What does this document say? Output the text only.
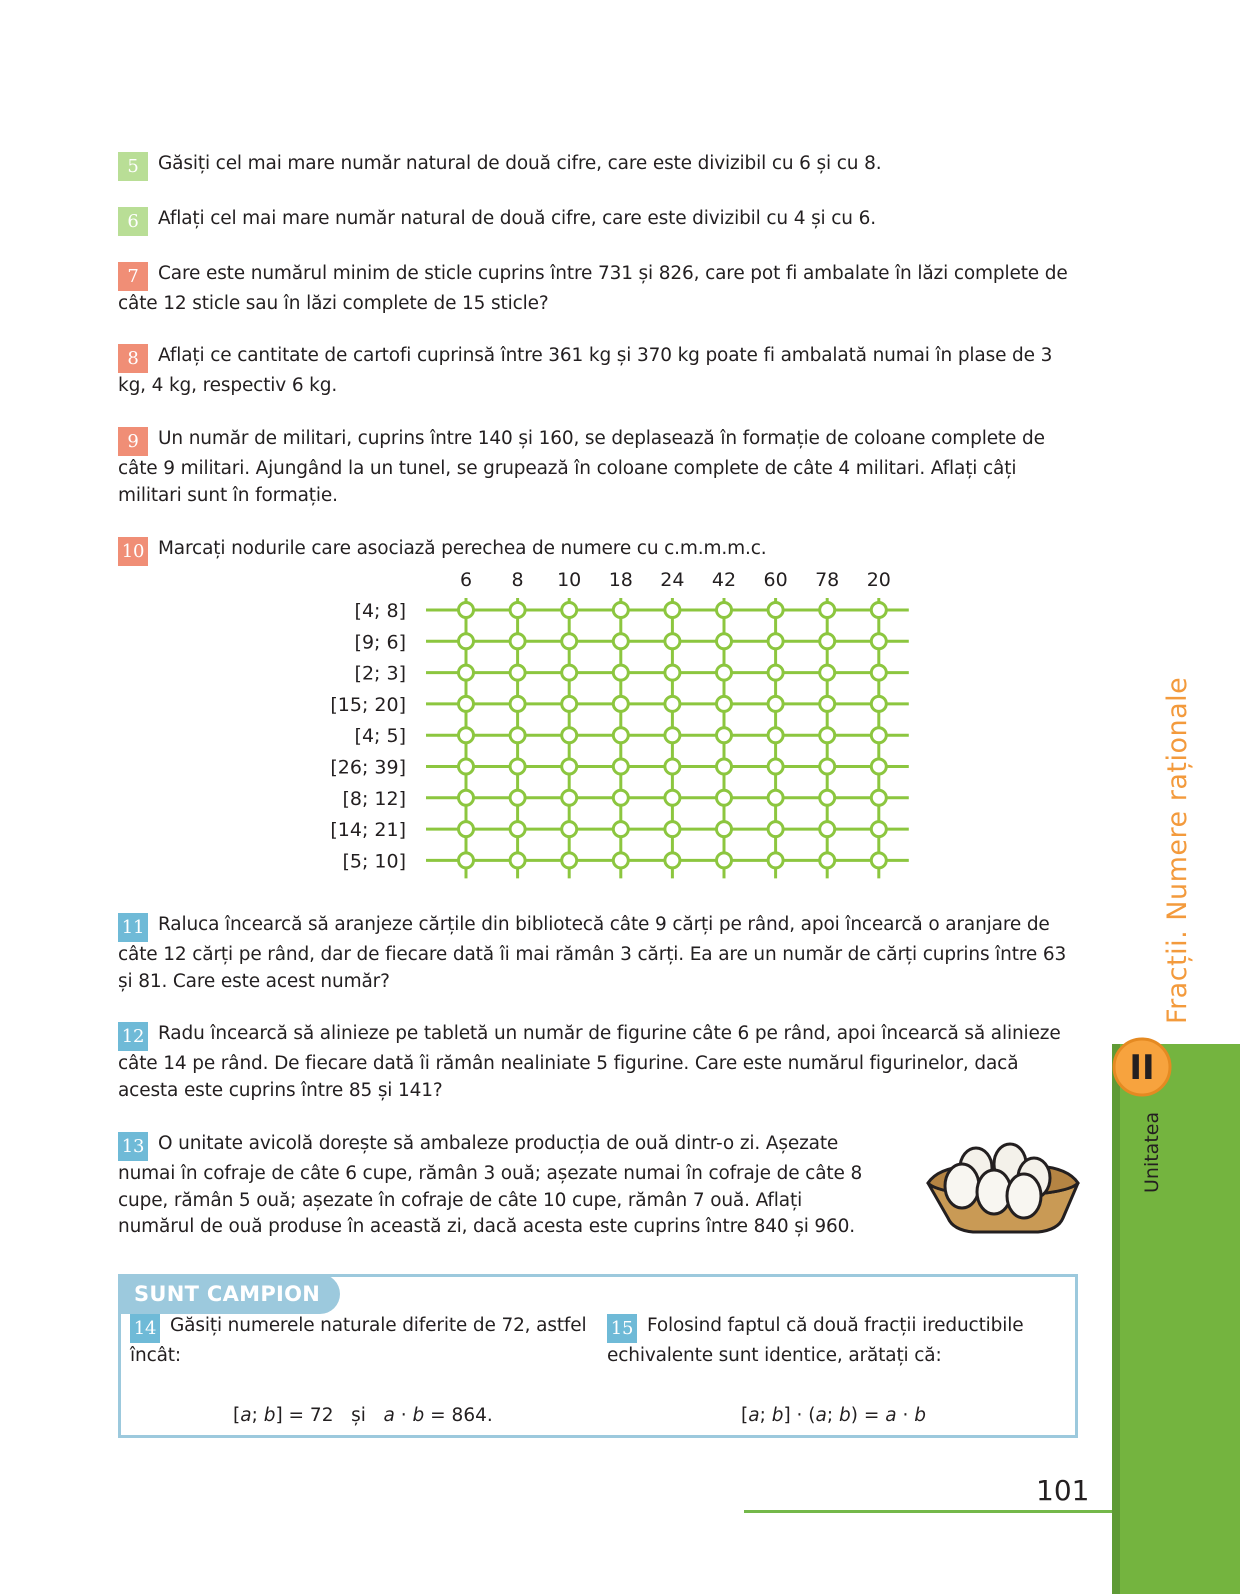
5 Găsiți cel mai mare număr natural de două cifre, care este divizibil cu 6 și cu 8.
6 Aflați cel mai mare număr natural de două cifre, care este divizibil cu 4 și cu 6.
7 Care este numărul minim de sticle cuprins între 731 și 826, care pot fi ambalate în lăzi complete de câte 12 sticle sau în lăzi complete de 15 sticle?
8 Aflați ce cantitate de cartofi cuprinsă între 361 kg și 370 kg poate fi ambalată numai în plase de 3 kg, 4 kg, respectiv 6 kg.
9 Un număr de militari, cuprins între 140 și 160, se deplasează în formație de coloane complete de câte 9 militari. Ajungând la un tunel, se grupează în coloane complete de câte 4 militari. Aflați câți militari sunt în formație.
10 Marcați nodurile care asociază perechea de numere cu c.m.m.m.c.
[4; 8]
[9; 6]
[2; 3]
[15; 20]
[4; 5]
[26; 39]
[8; 12]
[14; 21]
[5; 10]
6 8 10 18 24 42 60 78 20
11 Raluca încearcă să aranjeze cărțile din bibliotecă câte 9 cărți pe rând, apoi încearcă o aranjare de câte 12 cărți pe rând, dar de fiecare dată îi mai rămân 3 cărți. Ea are un număr de cărți cuprins între 63 și 81. Care este acest număr?
12 Radu încearcă să alinieze pe tabletă un număr de figurine câte 6 pe rând, apoi încearcă să alinieze câte 14 pe rând. De fiecare dată îi rămân nealiniate 5 figurine. Care este numărul figurinelor, dacă acesta este cuprins între 85 și 141?
13 O unitate avicolă dorește să ambaleze producția de ouă dintr-o zi. Așezate numai în cofraje de câte 6 cupe, rămân 3 ouă; așezate numai în cofraje de câte 8 cupe, rămân 5 ouă; așezate în cofraje de câte 10 cupe, rămân 7 ouă. Aflați numărul de ouă produse în această zi, dacă acesta este cuprins între 840 și 960.
SUNT CAMPION
14 Găsiți numerele naturale diferite de 72, astfel încât:
[a; b] = 72   și   a · b = 864.
15 Folosind faptul că două fracții ireductibile echivalente sunt identice, arătați că:
[a; b] · (a; b) = a · b
101
Fracții. Numere raționale
Unitatea
II
